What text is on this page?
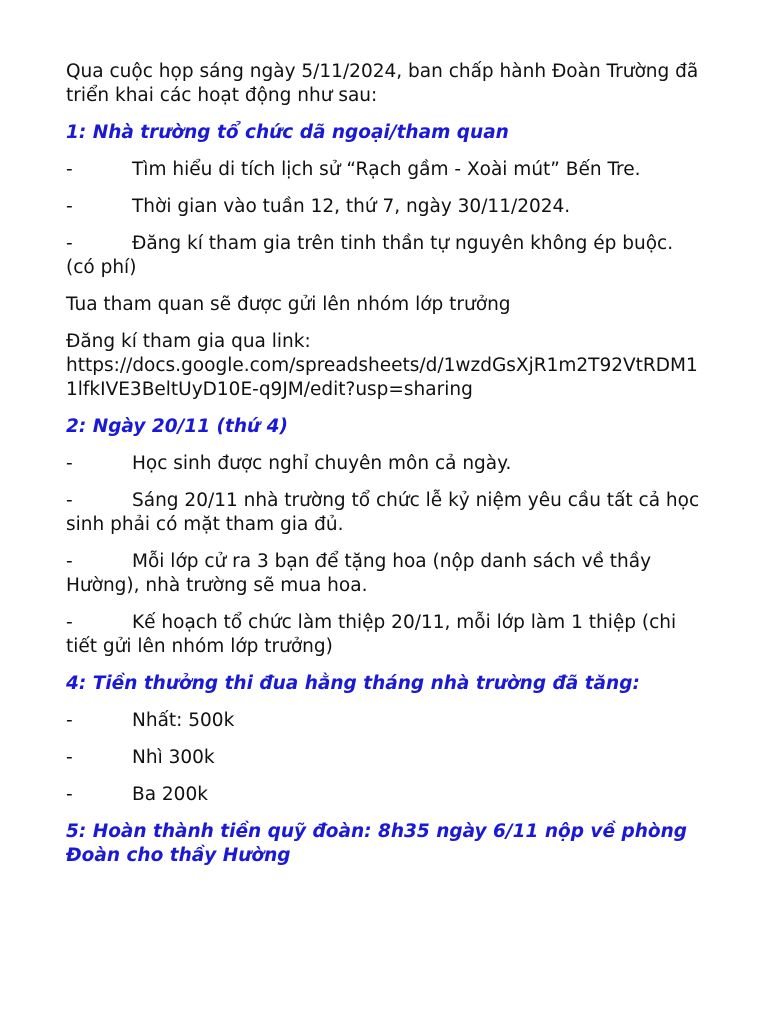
Qua cuộc họp sáng ngày 5/11/2024, ban chấp hành Đoàn Trường đã triển khai các hoạt động như sau:

1: Nhà trường tổ chức dã ngoại/tham quan

-	Tìm hiểu di tích lịch sử “Rạch gầm - Xoài mút” Bến Tre.

-	Thời gian vào tuần 12, thứ 7, ngày 30/11/2024.

-	Đăng kí tham gia trên tinh thần tự nguyên không ép buộc. (có phí)

Tua tham quan sẽ được gửi lên nhóm lớp trưởng

Đăng kí tham gia qua link:
https://docs.google.com/spreadsheets/d/1wzdGsXjR1m2T92VtRDM11lfkIVE3BeltUyD10E-q9JM/edit?usp=sharing

2: Ngày 20/11 (thứ 4)

-	Học sinh được nghỉ chuyên môn cả ngày.

-	Sáng 20/11 nhà trường tổ chức lễ kỷ niệm yêu cầu tất cả học sinh phải có mặt tham gia đủ.

-	Mỗi lớp cử ra 3 bạn để tặng hoa (nộp danh sách về thầy Hường), nhà trường sẽ mua hoa.

-	Kế hoạch tổ chức làm thiệp 20/11, mỗi lớp làm 1 thiệp (chi tiết gửi lên nhóm lớp trưởng)

4: Tiền thưởng thi đua hằng tháng nhà trường đã tăng:

-	Nhất: 500k

-	Nhì 300k

-	Ba 200k

5: Hoàn thành tiền quỹ đoàn: 8h35 ngày 6/11 nộp về phòng Đoàn cho thầy Hường
